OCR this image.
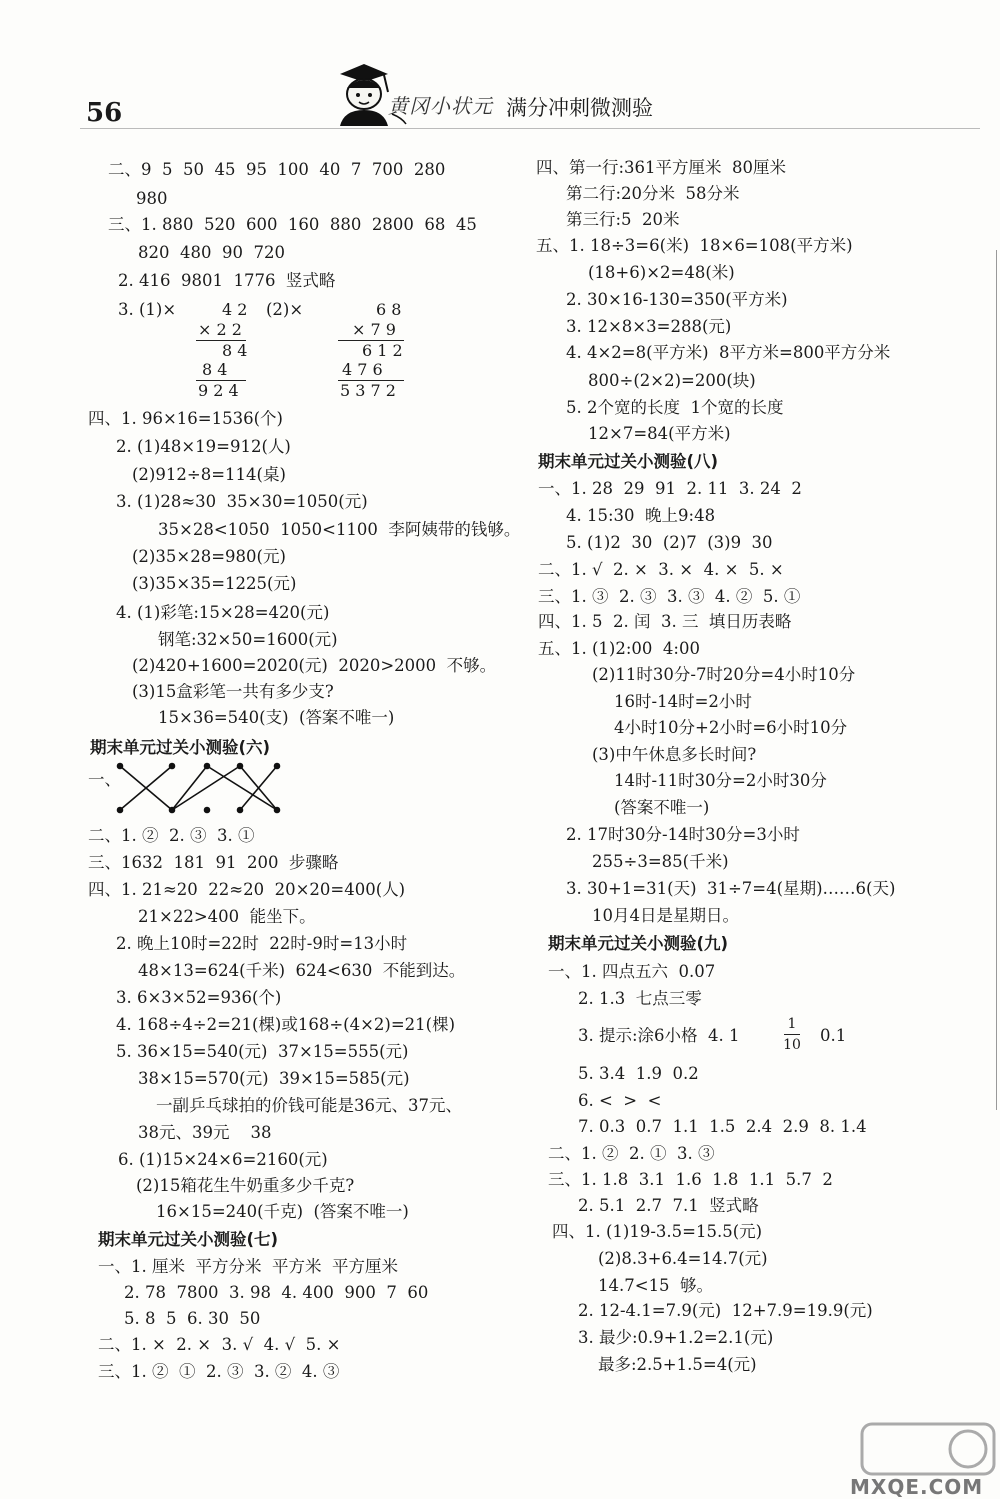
56	黄冈小状元 满分冲刺微测验
二、9  5  50  45  95  100  40  7  700  280
980
三、1. 880  520  600  160  880  2800  68  45
820  480  90  720
2. 416  9801  1776  竖式略
3. (1)×	(2)×
四、1. 96×16=1536(个)
2. (1)48×19=912(人)
(2)912÷8=114(桌)
3. (1)28≈30  35×30=1050(元)
35×28<1050  1050<1100  李阿姨带的钱够。
(2)35×28=980(元)
(3)35×35=1225(元)
4. (1)彩笔:15×28=420(元)
钢笔:32×50=1600(元)
(2)420+1600=2020(元)  2020>2000  不够。
(3)15盒彩笔一共有多少支?
15×36=540(支)  (答案不唯一)
期末单元过关小测验(六)
一、
二、1. ②  2. ③  3. ①
三、1632  181  91  200  步骤略
四、1. 21≈20  22≈20  20×20=400(人)
21×22>400  能坐下。
2. 晚上10时=22时  22时-9时=13小时
48×13=624(千米)  624<630  不能到达。
3. 6×3×52=936(个)
4. 168÷4÷2=21(棵)或168÷(4×2)=21(棵)
5. 36×15=540(元)  37×15=555(元)
38×15=570(元)  39×15=585(元)
一副乒乓球拍的价钱可能是36元、37元、
38元、39元    38
6. (1)15×24×6=2160(元)
(2)15箱花生牛奶重多少千克?
16×15=240(千克)  (答案不唯一)
期末单元过关小测验(七)
一、1. 厘米  平方分米  平方米  平方厘米
2. 78  7800  3. 98  4. 400  900  7  60
5. 8  5  6. 30  50
二、1. ×  2. ×  3. √  4. √  5. ×
三、1. ②  ①  2. ③  3. ②  4. ③
四、第一行:361平方厘米  80厘米
第二行:20分米  58分米
第三行:5  20米
五、1. 18÷3=6(米)  18×6=108(平方米)
(18+6)×2=48(米)
2. 30×16-130=350(平方米)
3. 12×8×3=288(元)
4. 4×2=8(平方米)  8平方米=800平方分米
800÷(2×2)=200(块)
5. 2个宽的长度  1个宽的长度
12×7=84(平方米)
期末单元过关小测验(八)
一、1. 28  29  91  2. 11  3. 24  2
4. 15:30  晚上9:48
5. (1)2  30  (2)7  (3)9  30
二、1. √  2. ×  3. ×  4. ×  5. ×
三、1. ③  2. ③  3. ③  4. ②  5. ①
四、1. 5  2. 闰  3. 三  填日历表略
五、1. (1)2:00  4:00
(2)11时30分-7时20分=4小时10分
16时-14时=2小时
4小时10分+2小时=6小时10分
(3)中午休息多长时间?
14时-11时30分=2小时30分
(答案不唯一)
2. 17时30分-14时30分=3小时
255÷3=85(千米)
3. 30+1=31(天)  31÷7=4(星期)……6(天)
10月4日是星期日。
期末单元过关小测验(九)
一、1. 四点五六  0.07
2. 1.3  七点三零
3. 提示:涂6小格  4. 1	0.1
5. 3.4  1.9  0.2
6. <  >  <
7. 0.3  0.7  1.1  1.5  2.4  2.9  8. 1.4
二、1. ②  2. ①  3. ③
三、1. 1.8  3.1  1.6  1.8  1.1  5.7  2
2. 5.1  2.7  7.1  竖式略
四、1. (1)19-3.5=15.5(元)
(2)8.3+6.4=14.7(元)
14.7<15  够。
2. 12-4.1=7.9(元)  12+7.9=19.9(元)
3. 最少:0.9+1.2=2.1(元)
最多:2.5+1.5=4(元)
4 2
× 2 2
8 4
8 4
9 2 4
6 8
× 7 9
6 1 2
4 7 6
5 3 7 2
1
10
MXQE.COM
